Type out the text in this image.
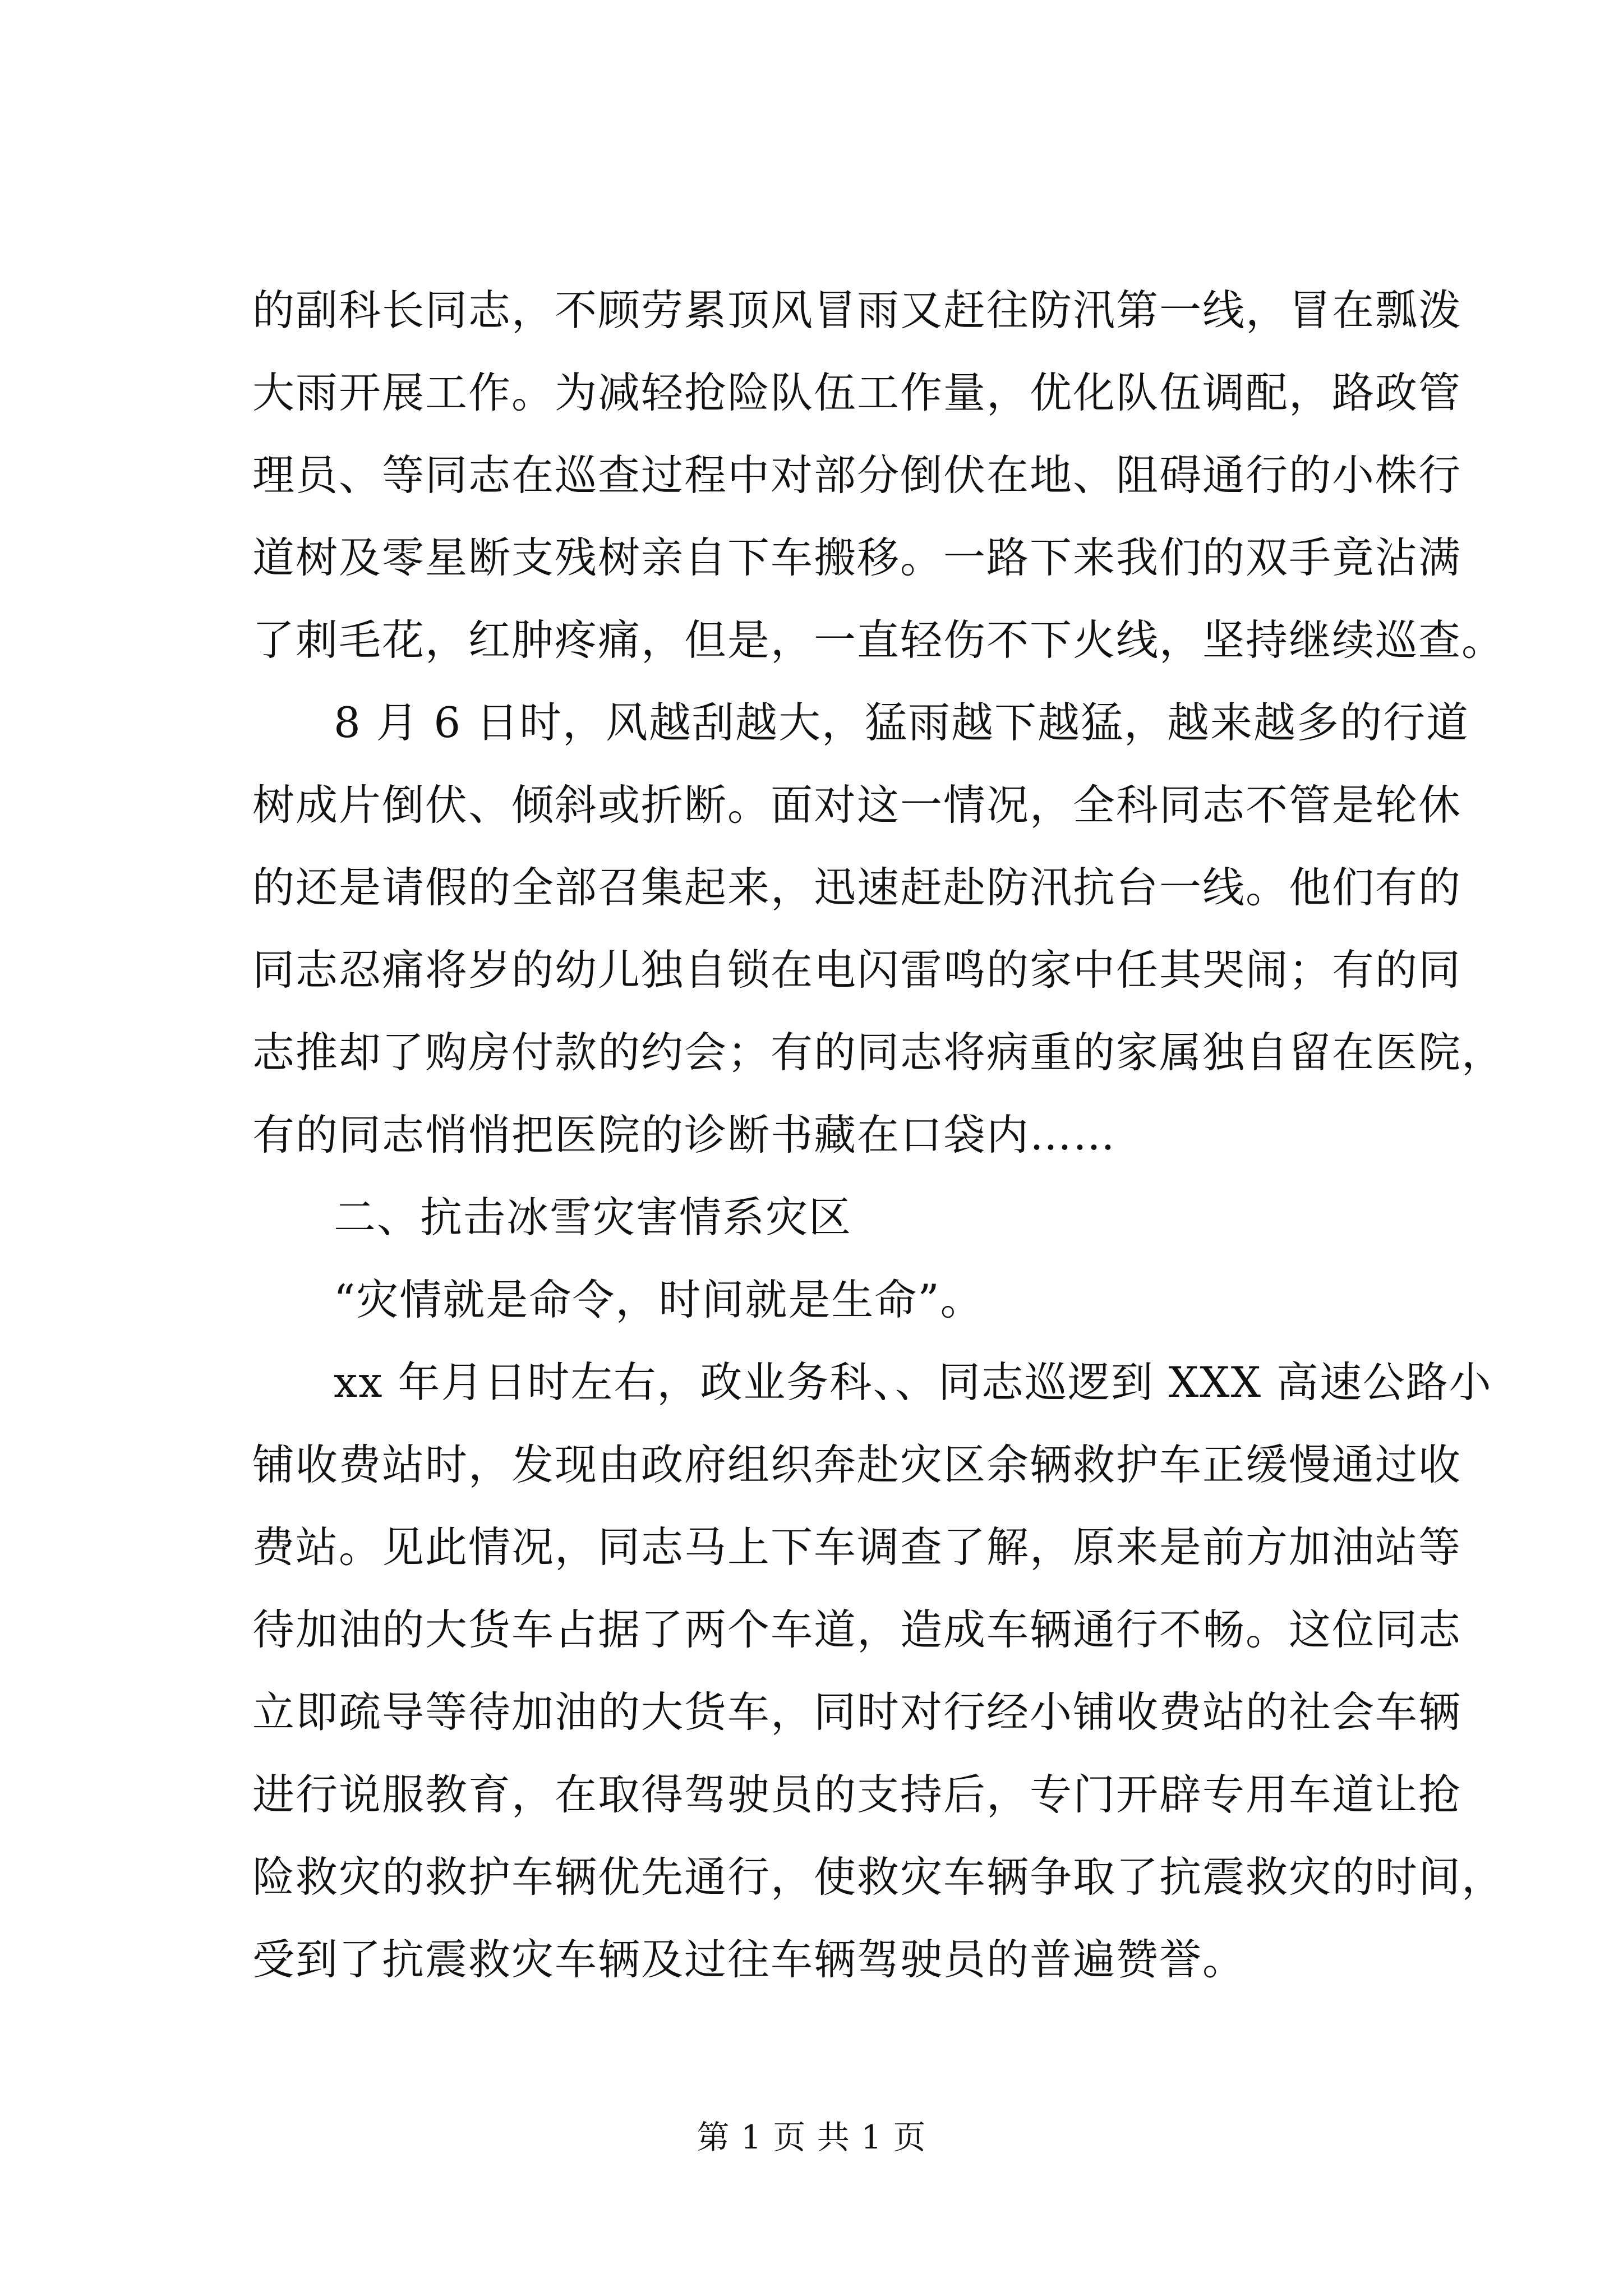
的副科长同志，不顾劳累顶风冒雨又赶往防汛第一线，冒在瓢泼
大雨开展工作。为减轻抢险队伍工作量，优化队伍调配，路政管
理员、等同志在巡查过程中对部分倒伏在地、阻碍通行的小株行
道树及零星断支残树亲自下车搬移。一路下来我们的双手竟沾满
了刺毛花，红肿疼痛，但是，一直轻伤不下火线，坚持继续巡查。
8 月 6 日时，风越刮越大，猛雨越下越猛，越来越多的行道
树成片倒伏、倾斜或折断。面对这一情况，全科同志不管是轮休
的还是请假的全部召集起来，迅速赶赴防汛抗台一线。他们有的
同志忍痛将岁的幼儿独自锁在电闪雷鸣的家中任其哭闹；有的同
志推却了购房付款的约会；有的同志将病重的家属独自留在医院，
有的同志悄悄把医院的诊断书藏在口袋内……
二、抗击冰雪灾害情系灾区
“灾情就是命令，时间就是生命”。
xx 年月日时左右，政业务科、、同志巡逻到 XXX 高速公路小
铺收费站时，发现由政府组织奔赴灾区余辆救护车正缓慢通过收
费站。见此情况，同志马上下车调查了解，原来是前方加油站等
待加油的大货车占据了两个车道，造成车辆通行不畅。这位同志
立即疏导等待加油的大货车，同时对行经小铺收费站的社会车辆
进行说服教育，在取得驾驶员的支持后，专门开辟专用车道让抢
险救灾的救护车辆优先通行，使救灾车辆争取了抗震救灾的时间，
受到了抗震救灾车辆及过往车辆驾驶员的普遍赞誉。
第 1 页 共 1 页
